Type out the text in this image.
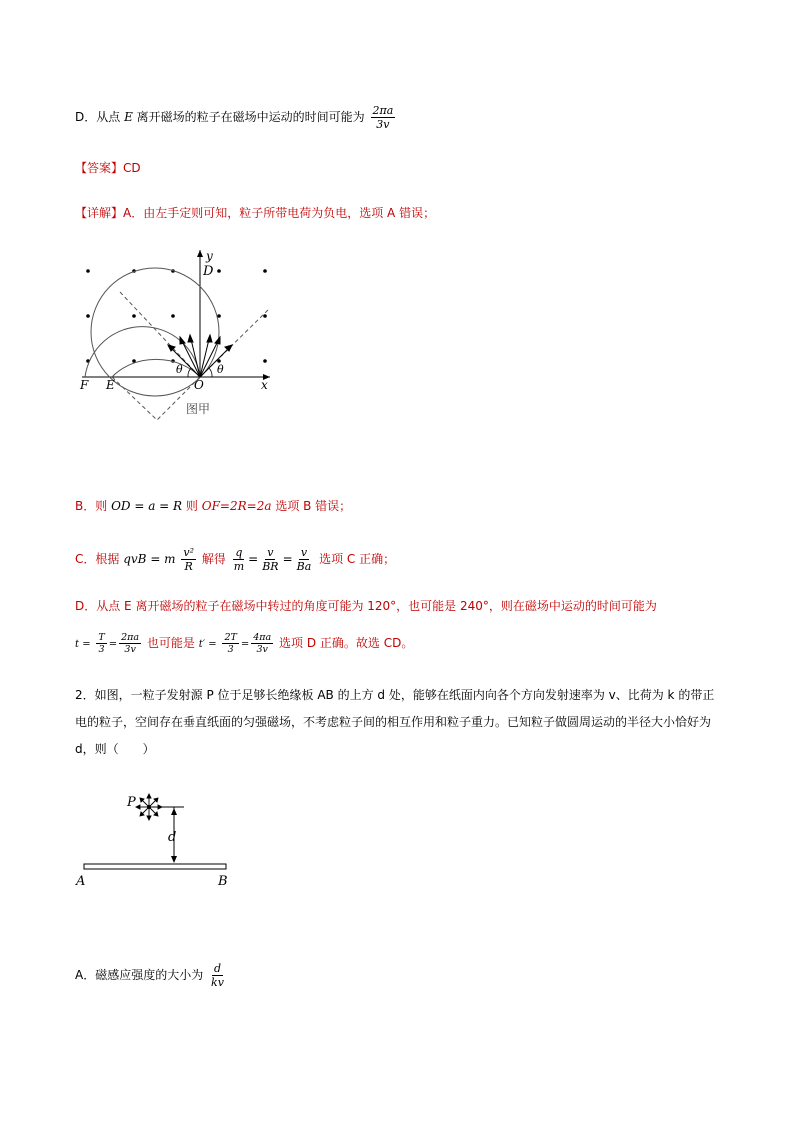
D．从点 E 离开磁场的粒子在磁场中运动的时间可能为 $\frac{2\pi a}{3v}$
【答案】CD
【详解】A．由左手定则可知，粒子所带电荷为负电，选项 A 错误；
y
D
θ	θ
O	x
F E
图甲
B．则 OD = a = R 则 OF=2R=2a 选项 B 错误；
C．根据 qvB = m $\frac{\text{v²}}{R}$ 解得 $\frac{q}{m} = \frac{v}{BR} = \frac{v}{Ba}$ 选项 C 正确；
D．从点 E 离开磁场的粒子在磁场中转过的角度可能为 120°，也可能是 240°，则在磁场中运动的时间可能为
$t = \frac{T}{3} = \frac{2\pi a}{3v}$ 也可能是 $t' = \frac{2T}{3} = \frac{4\pi a}{3v}$ 选项 D 正确。故选 CD。
2．如图，一粒子发射源 P 位于足够长绝缘板 AB 的上方 d 处，能够在纸面内向各个方向发射速率为 v、比荷为 k 的带正电的粒子，空间存在垂直纸面的匀强磁场，不考虑粒子间的相互作用和粒子重力。已知粒子做圆周运动的半径大小恰好为 d，则（　　）
P
d
A	B
A．磁感应强度的大小为 $\frac{d}{kv}$
